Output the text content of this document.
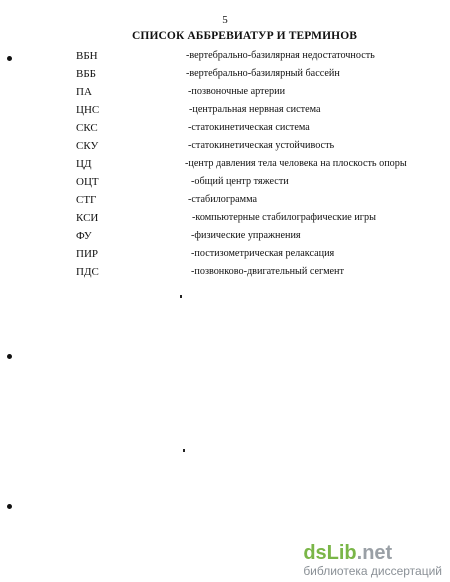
5
СПИСОК АББРЕВИАТУР И ТЕРМИНОВ
ВБН	-вертебрально-базилярная недостаточность
ВББ	-вертебрально-базилярный бассейн
ПА	-позвоночные артерии
ЦНС	-центральная нервная система
СКС	-статокинетическая система
СКУ	-статокинетическая устойчивость
ЦД	-центр давления тела человека на плоскость опоры
ОЦТ	-общий центр тяжести
СТГ	-стабилограмма
КСИ	-компьютерные стабилографические игры
ФУ	-физические упражнения
ПИР	-постизометрическая релаксация
ПДС	-позвонково-двигательный сегмент
dsLib.net
библиотека диссертаций
